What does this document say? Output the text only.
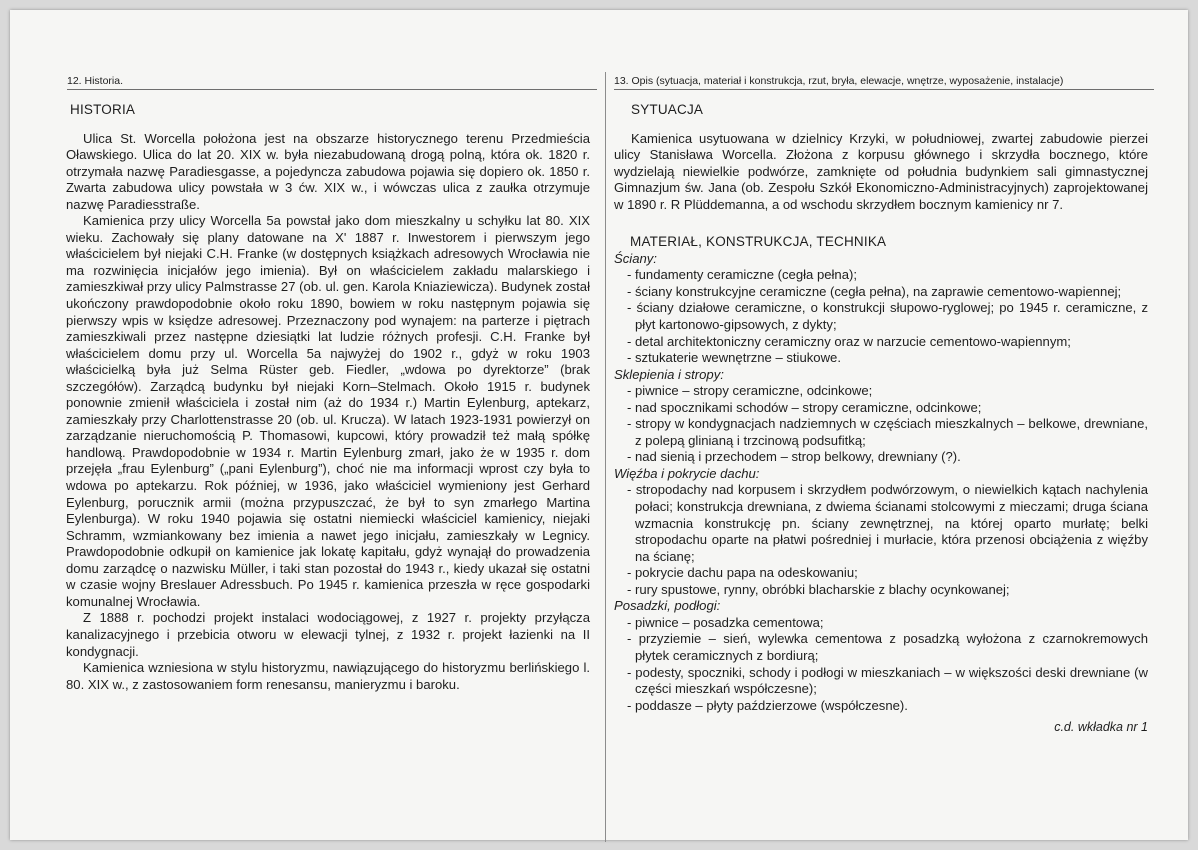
12. Historia.	13. Opis (sytuacja, materiał i konstrukcja, rzut, bryła, elewacje, wnętrze, wyposażenie, instalacje)
HISTORIA

Ulica St. Worcella położona jest na obszarze historycznego terenu Przedmieścia Oławskiego. Ulica do lat 20. XIX w. była niezabudowaną drogą polną, która ok. 1820 r. otrzymała nazwę Paradiesgasse, a pojedyncza zabudowa pojawia się dopiero ok. 1850 r. Zwarta zabudowa ulicy powstała w 3 ćw. XIX w., i wówczas ulica z zaułka otrzymuje nazwę Paradiesstraße.

Kamienica przy ulicy Worcella 5a powstał jako dom mieszkalny u schyłku lat 80. XIX wieku. Zachowały się plany datowane na X' 1887 r. Inwestorem i pierwszym jego właścicielem był niejaki C.H. Franke (w dostępnych książkach adresowych Wrocławia nie ma rozwinięcia inicjałów jego imienia). Był on właścicielem zakładu malarskiego i zamieszkiwał przy ulicy Palmstrasse 27 (ob. ul. gen. Karola Kniaziewicza). Budynek został ukończony prawdopodobnie około roku 1890, bowiem w roku następnym pojawia się pierwszy wpis w księdze adresowej. Przeznaczony pod wynajem: na parterze i piętrach zamieszkiwali przez następne dziesiątki lat ludzie różnych profesji. C.H. Franke był właścicielem domu przy ul. Worcella 5a najwyżej do 1902 r., gdyż w roku 1903 właścicielką była już Selma Rüster geb. Fiedler, „wdowa po dyrektorze” (brak szczegółów). Zarządcą budynku był niejaki Korn–Stelmach. Około 1915 r. budynek ponownie zmienił właściciela i został nim (aż do 1934 r.) Martin Eylenburg, aptekarz, zamieszkały przy Charlottenstrasse 20 (ob. ul. Krucza). W latach 1923-1931 powierzył on zarządzanie nieruchomością P. Thomasowi, kupcowi, który prowadził też małą spółkę handlową. Prawdopodobnie w 1934 r. Martin Eylenburg zmarł, jako że w 1935 r. dom przejęła „frau Eylenburg” („pani Eylenburg”), choć nie ma informacji wprost czy była to wdowa po aptekarzu. Rok później, w 1936, jako właściciel wymieniony jest Gerhard Eylenburg, porucznik armii (można przypuszczać, że był to syn zmarłego Martina Eylenburga). W roku 1940 pojawia się ostatni niemiecki właściciel kamienicy, niejaki Schramm, wzmiankowany bez imienia a nawet jego inicjału, zamieszkały w Legnicy. Prawdopodobnie odkupił on kamienice jak lokatę kapitału, gdyż wynajął do prowadzenia domu zarządcę o nazwisku Müller, i taki stan pozostał do 1943 r., kiedy ukazał się ostatni w czasie wojny Breslauer Adressbuch. Po 1945 r. kamienica przeszła w ręce gospodarki komunalnej Wrocławia.

Z 1888 r. pochodzi projekt instalaci wodociągowej, z 1927 r. projekty przyłącza kanalizacyjnego i przebicia otworu w elewacji tylnej, z 1932 r. projekt łazienki na II kondygnacji.

Kamienica wzniesiona w stylu historyzmu, nawiązującego do historyzmu berlińskiego l. 80. XIX w., z zastosowaniem form renesansu, manieryzmu i baroku.

SYTUACJA

Kamienica usytuowana w dzielnicy Krzyki, w południowej, zwartej zabudowie pierzei ulicy Stanisława Worcella. Złożona z korpusu głównego i skrzydła bocznego, które wydzielają niewielkie podwórze, zamknięte od południa budynkiem sali gimnastycznej Gimnazjum św. Jana (ob. Zespołu Szkół Ekonomiczno-Administracyjnych) zaprojektowanej w 1890 r. R Plüddemanna, a od wschodu skrzydłem bocznym kamienicy nr 7.

MATERIAŁ, KONSTRUKCJA, TECHNIKA
Ściany:
- fundamenty ceramiczne (cegła pełna);
- ściany konstrukcyjne ceramiczne (cegła pełna), na zaprawie cementowo-wapiennej;
- ściany działowe ceramiczne, o konstrukcji słupowo-ryglowej; po 1945 r. ceramiczne, z płyt kartonowo-gipsowych, z dykty;
- detal architektoniczny ceramiczny oraz w narzucie cementowo-wapiennym;
- sztukaterie wewnętrzne – stiukowe.
Sklepienia i stropy:
- piwnice – stropy ceramiczne, odcinkowe;
- nad spocznikami schodów – stropy ceramiczne, odcinkowe;
- stropy w kondygnacjach nadziemnych w częściach mieszkalnych – belkowe, drewniane, z polepą glinianą i trzcinową podsufitką;
- nad sienią i przechodem – strop belkowy, drewniany (?).
Więźba i pokrycie dachu:
- stropodachy nad korpusem i skrzydłem podwórzowym, o niewielkich kątach nachylenia połaci; konstrukcja drewniana, z dwiema ścianami stolcowymi z mieczami; druga ściana wzmacnia konstrukcję pn. ściany zewnętrznej, na której oparto murłatę; belki stropodachu oparte na płatwi pośredniej i murłacie, która przenosi obciążenia z więźby na ścianę;
- pokrycie dachu papa na odeskowaniu;
- rury spustowe, rynny, obróbki blacharskie z blachy ocynkowanej;
Posadzki, podłogi:
- piwnice – posadzka cementowa;
- przyziemie – sień, wylewka cementowa z posadzką wyłożona z czarnokremowych płytek ceramicznych z bordiurą;
- podesty, spoczniki, schody i podłogi w mieszkaniach – w większości deski drewniane (w części mieszkań współczesne);
- poddasze – płyty paździerzowe (współczesne).
c.d. wkładka nr 1
